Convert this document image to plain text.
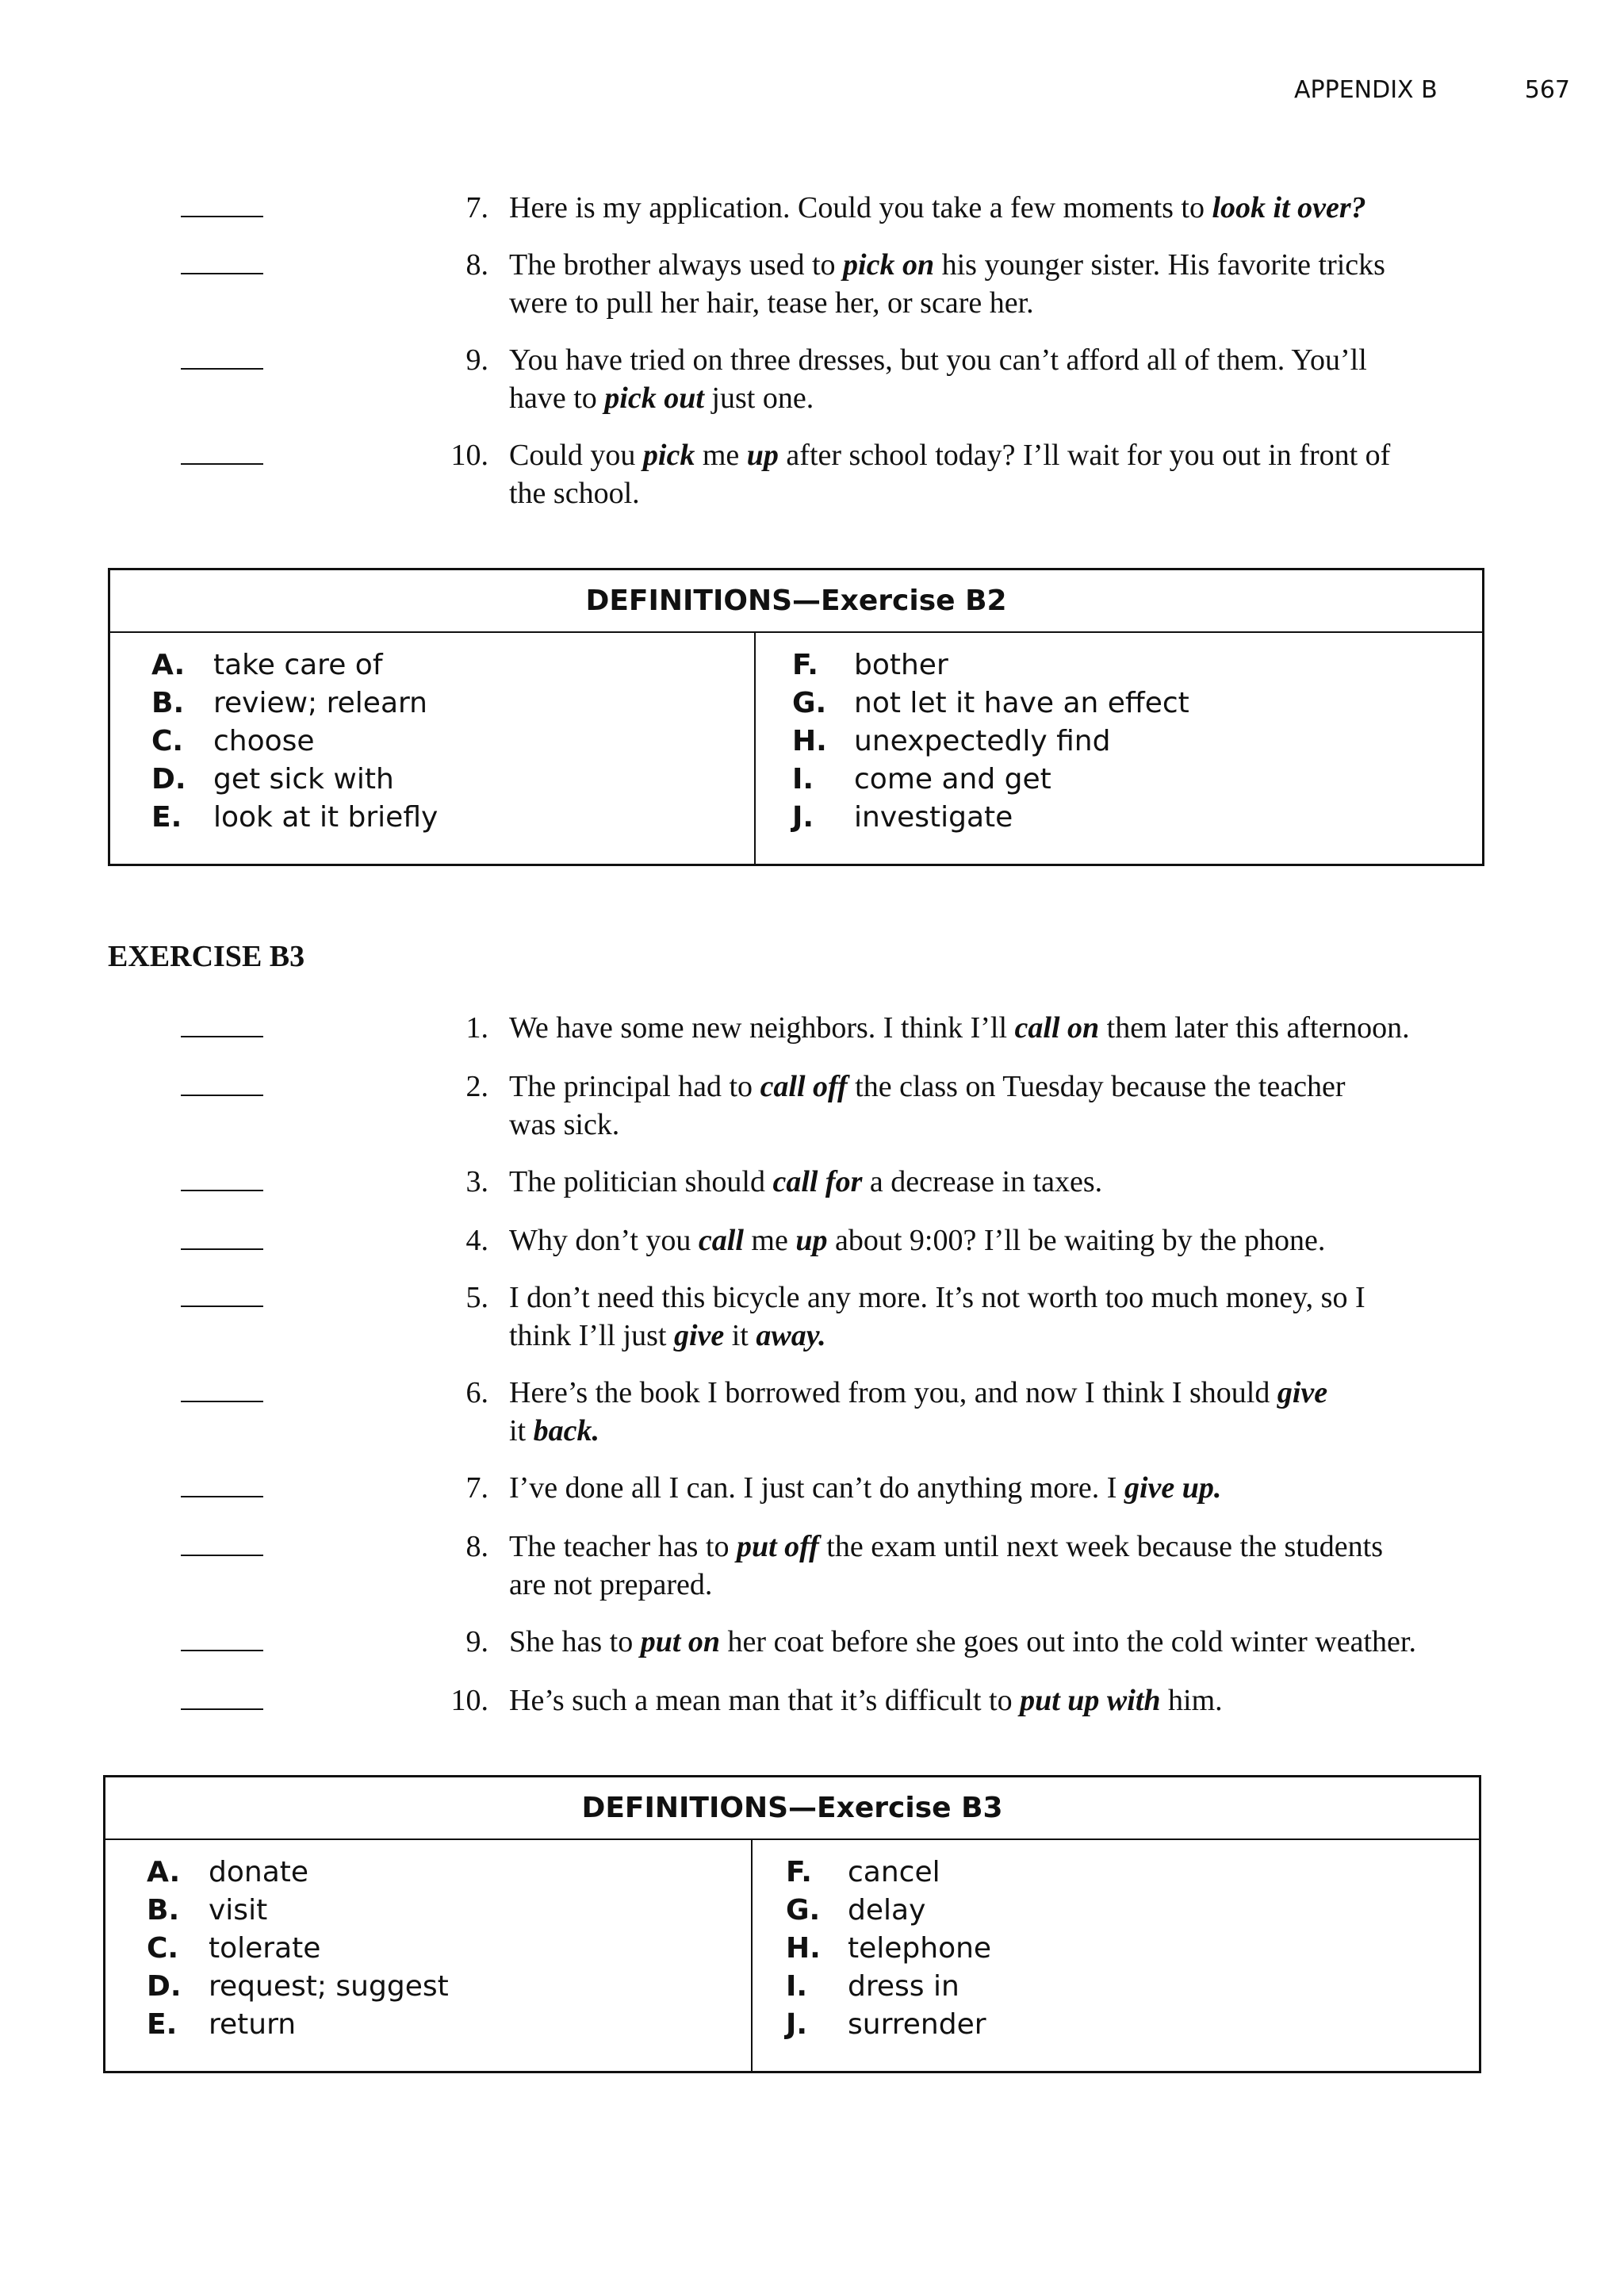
APPENDIX B	567
7. Here is my application. Could you take a few moments to look it over?
8. The brother always used to pick on his younger sister. His favorite tricks
were to pull her hair, tease her, or scare her.
9. You have tried on three dresses, but you can’t afford all of them. You’ll
have to pick out just one.
10. Could you pick me up after school today? I’ll wait for you out in front of
the school.
DEFINITIONS—Exercise B2
A. take care of
B. review; relearn
C. choose
D. get sick with
E. look at it briefly
F. bother
G. not let it have an effect
H. unexpectedly find
I. come and get
J. investigate
EXERCISE B3
1. We have some new neighbors. I think I’ll call on them later this afternoon.
2. The principal had to call off the class on Tuesday because the teacher
was sick.
3. The politician should call for a decrease in taxes.
4. Why don’t you call me up about 9:00? I’ll be waiting by the phone.
5. I don’t need this bicycle any more. It’s not worth too much money, so I
think I’ll just give it away.
6. Here’s the book I borrowed from you, and now I think I should give
it back.
7. I’ve done all I can. I just can’t do anything more. I give up.
8. The teacher has to put off the exam until next week because the students
are not prepared.
9. She has to put on her coat before she goes out into the cold winter weather.
10. He’s such a mean man that it’s difficult to put up with him.
DEFINITIONS—Exercise B3
A. donate
B. visit
C. tolerate
D. request; suggest
E. return
F. cancel
G. delay
H. telephone
I. dress in
J. surrender
